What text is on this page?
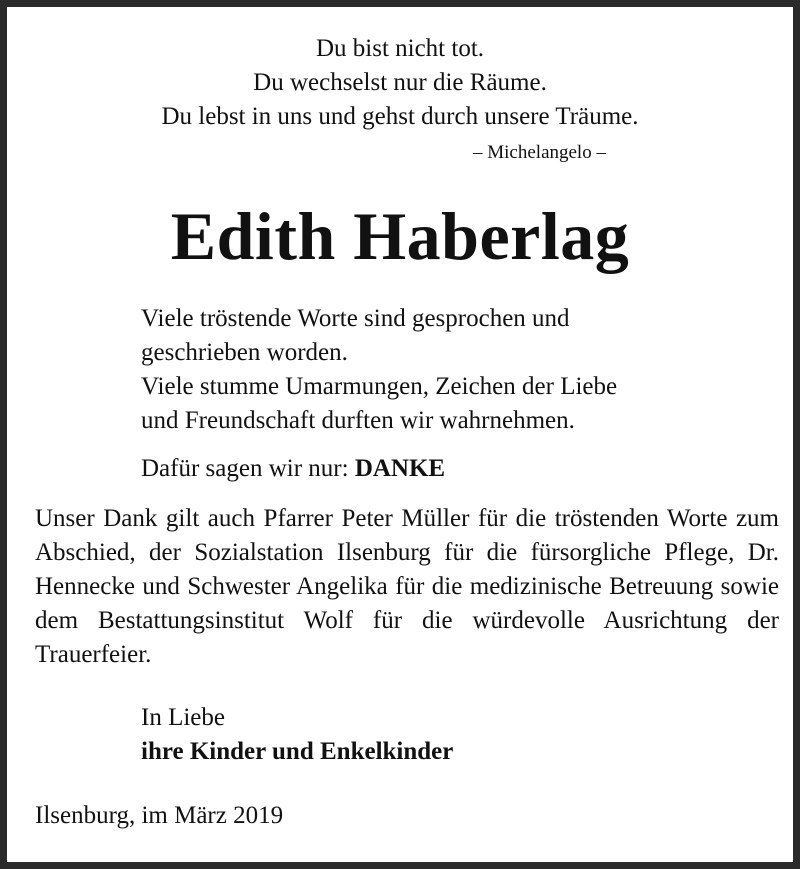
Du bist nicht tot.
Du wechselst nur die Räume.
Du lebst in uns und gehst durch unsere Träume.
– Michelangelo –
Edith Haberlag
Viele tröstende Worte sind gesprochen und
geschrieben worden.
Viele stumme Umarmungen, Zeichen der Liebe
und Freundschaft durften wir wahrnehmen.
Dafür sagen wir nur: DANKE
Unser Dank gilt auch Pfarrer Peter Müller für die tröstenden Worte zum Abschied, der Sozialstation Ilsenburg für die fürsorgliche Pflege, Dr. Hennecke und Schwester Angelika für die medizinische Betreuung sowie dem Bestattungsinstitut Wolf für die würdevolle Ausrichtung der Trauerfeier.
In Liebe
ihre Kinder und Enkelkinder
Ilsenburg, im März 2019
